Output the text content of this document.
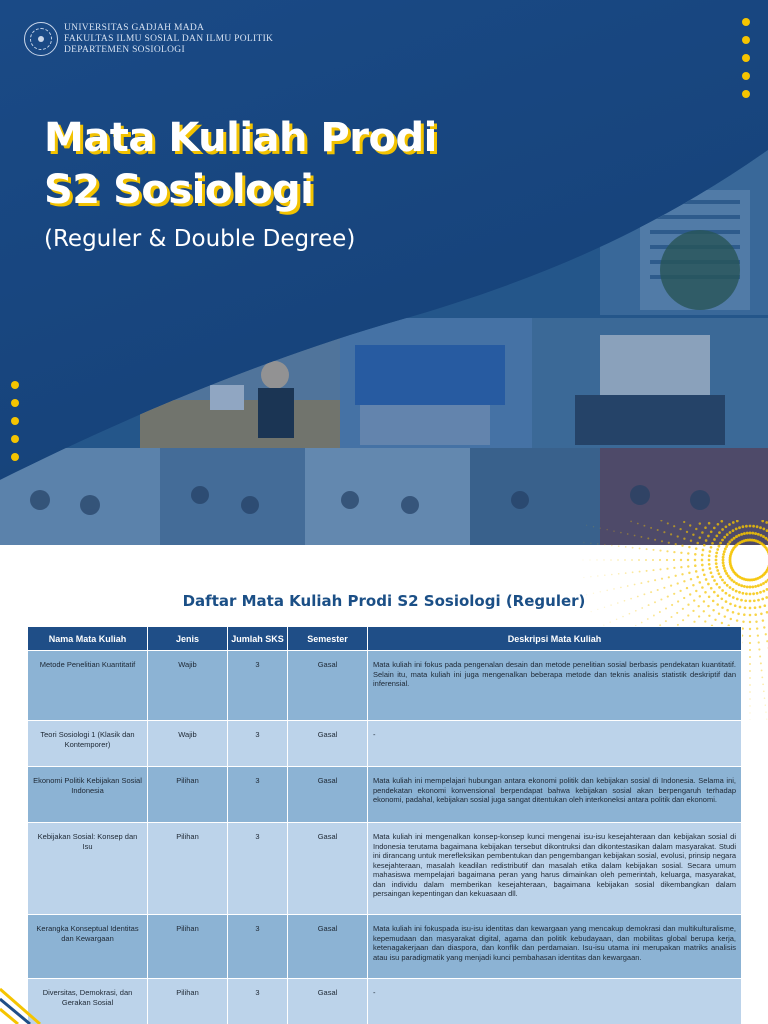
UNIVERSITAS GADJAH MADA
FAKULTAS ILMU SOSIAL DAN ILMU POLITIK
DEPARTEMEN SOSIOLOGI
Mata Kuliah Prodi
S2 Sosiologi
(Reguler & Double Degree)
Daftar Mata Kuliah Prodi S2 Sosiologi (Reguler)
Nama Mata Kuliah	Jenis	Jumlah SKS	Semester	Deskripsi Mata Kuliah
Metode Penelitian Kuantitatif	Wajib	3	Gasal	Mata kuliah ini fokus pada pengenalan desain dan metode penelitian sosial berbasis pendekatan kuantitatif. Selain itu, mata kuliah ini juga mengenalkan beberapa metode dan teknis analisis statistik deskriptif dan inferensial.
Teori Sosiologi 1 (Klasik dan Kontemporer)	Wajib	3	Gasal	-
Ekonomi Politik Kebijakan Sosial Indonesia	Pilihan	3	Gasal	Mata kuliah ini mempelajari hubungan antara ekonomi politik dan kebijakan sosial di Indonesia. Selama ini, pendekatan ekonomi konvensional berpendapat bahwa kebijakan sosial akan berpengaruh terhadap ekonomi, padahal, kebijakan sosial juga sangat ditentukan oleh interkoneksi antara politik dan ekonomi.
Kebijakan Sosial: Konsep dan Isu	Pilihan	3	Gasal	Mata kuliah ini mengenalkan konsep-konsep kunci mengenai isu-isu kesejahteraan dan kebijakan sosial di Indonesia terutama bagaimana kebijakan tersebut dikontruksi dan dikontestasikan dalam masyarakat. Studi ini dirancang untuk merefleksikan pembentukan dan pengembangan kebijakan sosial, evolusi, prinsip negara kesejahteraan, masalah keadilan redistributif dan masalah etika dalam kebijakan sosial. Secara umum mahasiswa mempelajari bagaimana peran yang harus dimainkan oleh pemerintah, keluarga, masyarakat, dan individu dalam memberikan kesejahteraan, bagaimana kebijakan sosial dikembangkan dalam persaingan kepentingan dan kekuasaan dll.
Kerangka Konseptual Identitas dan Kewargaan	Pilihan	3	Gasal	Mata kuliah ini fokuspada isu-isu identitas dan kewargaan yang mencakup demokrasi dan multikulturalisme, kepemudaan dan masyarakat digital, agama dan politik kebudayaan, dan mobilitas global berupa kerja, ketenagakerjaan dan diaspora, dan konflik dan perdamaian. Isu-isu utama ini merupakan matriks analisis atau isu paradigmatik yang menjadi kunci pembahasan identitas dan kewargaan.
Diversitas, Demokrasi, dan Gerakan Sosial	Pilihan	3	Gasal	-
